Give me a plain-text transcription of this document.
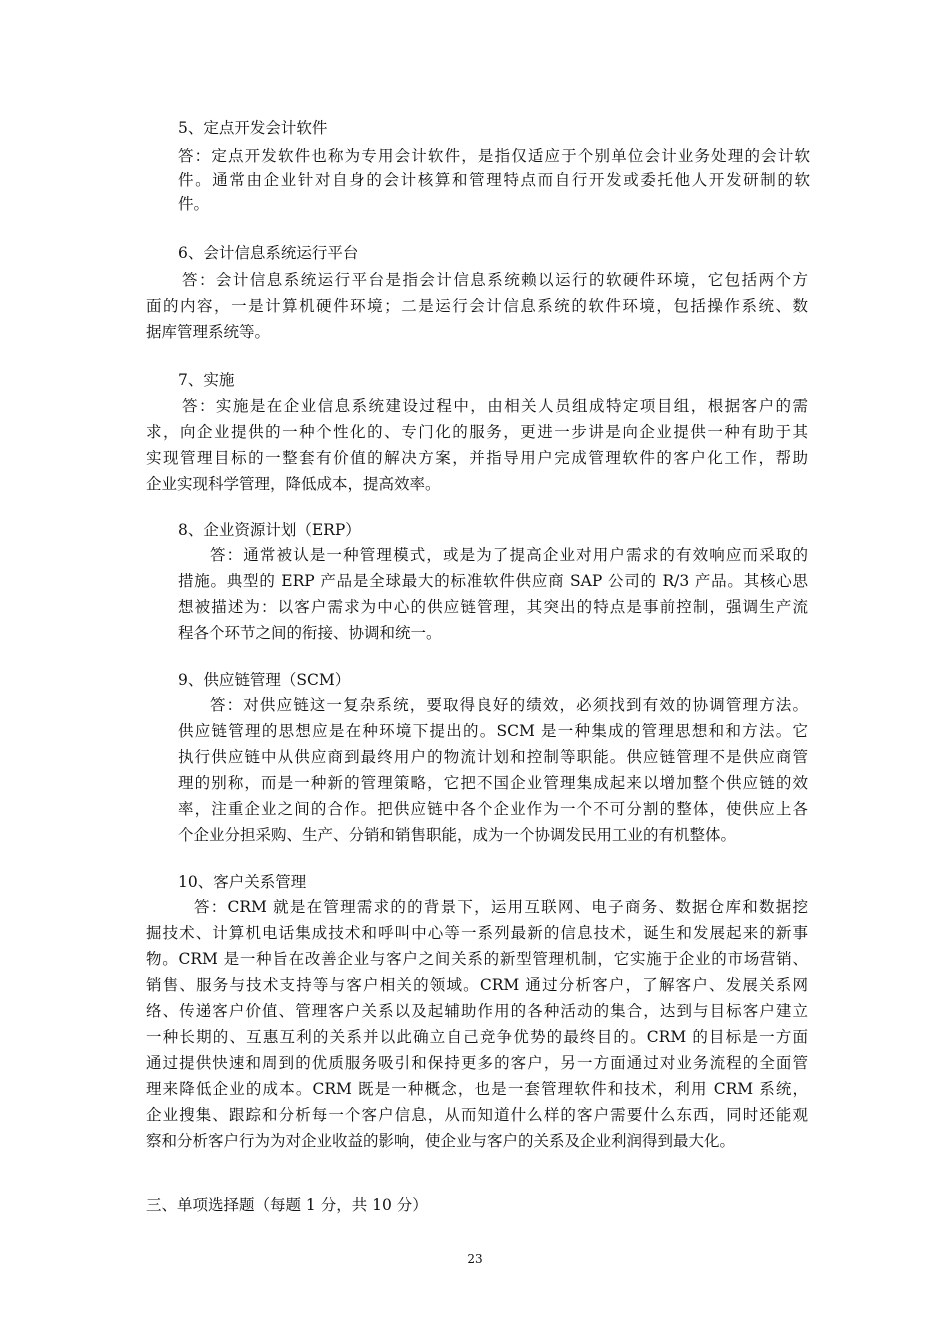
5、定点开发会计软件
答：定点开发软件也称为专用会计软件，是指仅适应于个别单位会计业务处理的会计软
件。通常由企业针对自身的会计核算和管理特点而自行开发或委托他人开发研制的软
件。
6、会计信息系统运行平台
答：会计信息系统运行平台是指会计信息系统赖以运行的软硬件环境，它包括两个方
面的内容，一是计算机硬件环境；二是运行会计信息系统的软件环境，包括操作系统、数
据库管理系统等。
7、实施
答：实施是在企业信息系统建设过程中，由相关人员组成特定项目组，根据客户的需
求，向企业提供的一种个性化的、专门化的服务，更进一步讲是向企业提供一种有助于其
实现管理目标的一整套有价值的解决方案，并指导用户完成管理软件的客户化工作，帮助
企业实现科学管理，降低成本，提高效率。
8、企业资源计划（ERP）
答：通常被认是一种管理模式，或是为了提高企业对用户需求的有效响应而采取的
措施。典型的 ERP 产品是全球最大的标准软件供应商 SAP 公司的 R/3 产品。其核心思
想被描述为：以客户需求为中心的供应链管理，其突出的特点是事前控制，强调生产流
程各个环节之间的衔接、协调和统一。
9、供应链管理（SCM）
答：对供应链这一复杂系统，要取得良好的绩效，必须找到有效的协调管理方法。
供应链管理的思想应是在种环境下提出的。SCM 是一种集成的管理思想和和方法。它
执行供应链中从供应商到最终用户的物流计划和控制等职能。供应链管理不是供应商管
理的别称，而是一种新的管理策略，它把不国企业管理集成起来以增加整个供应链的效
率，注重企业之间的合作。把供应链中各个企业作为一个不可分割的整体，使供应上各
个企业分担采购、生产、分销和销售职能，成为一个协调发民用工业的有机整体。
10、客户关系管理
答：CRM 就是在管理需求的的背景下，运用互联网、电子商务、数据仓库和数据挖
掘技术、计算机电话集成技术和呼叫中心等一系列最新的信息技术，诞生和发展起来的新事
物。CRM 是一种旨在改善企业与客户之间关系的新型管理机制，它实施于企业的市场营销、
销售、服务与技术支持等与客户相关的领域。CRM 通过分析客户，了解客户、发展关系网
络、传递客户价值、管理客户关系以及起辅助作用的各种活动的集合，达到与目标客户建立
一种长期的、互惠互利的关系并以此确立自己竞争优势的最终目的。CRM 的目标是一方面
通过提供快速和周到的优质服务吸引和保持更多的客户，另一方面通过对业务流程的全面管
理来降低企业的成本。CRM 既是一种概念，也是一套管理软件和技术，利用 CRM 系统，
企业搜集、跟踪和分析每一个客户信息，从而知道什么样的客户需要什么东西，同时还能观
察和分析客户行为为对企业收益的影响，使企业与客户的关系及企业利润得到最大化。
三、单项选择题（每题 1 分，共 10 分）
23
